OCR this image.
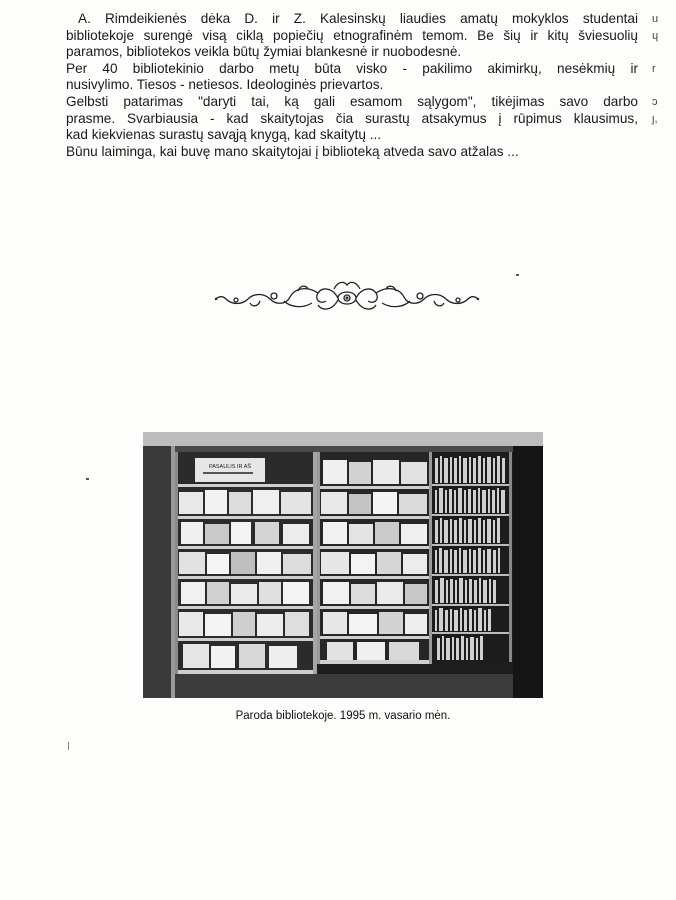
A. Rimdeikienės dėka D. ir Z. Kalesinskų liaudies amatų mokyklos studentai
bibliotekoje surengė visą ciklą popiečių etnografinėm temom. Be šių ir kitų šviesuolių
paramos, bibliotekos veikla būtų žymiai blankesnė ir nuobodesnė.

Per 40 bibliotekinio darbo metų būta visko - pakilimo akimirkų, nesėkmių ir
nusivylimo. Tiesos - netiesos. Ideologinės prievartos.

Gelbsti patarimas "daryti tai, ką gali esamom sąlygom", tikėjimas savo darbo
prasme. Svarbiausia - kad skaitytojas čia surastų atsakymus į rūpimus klausimus,
kad kiekvienas surastų savąją knygą, kad skaitytų ...

Būnu laiminga, kai buvę mano skaitytojai į biblioteką atveda savo atžalas ...

u
ɥ
r
ɔ
ȷ,
PASAULIS IR AŠ
Paroda bibliotekoje. 1995 m. vasario mėn.
